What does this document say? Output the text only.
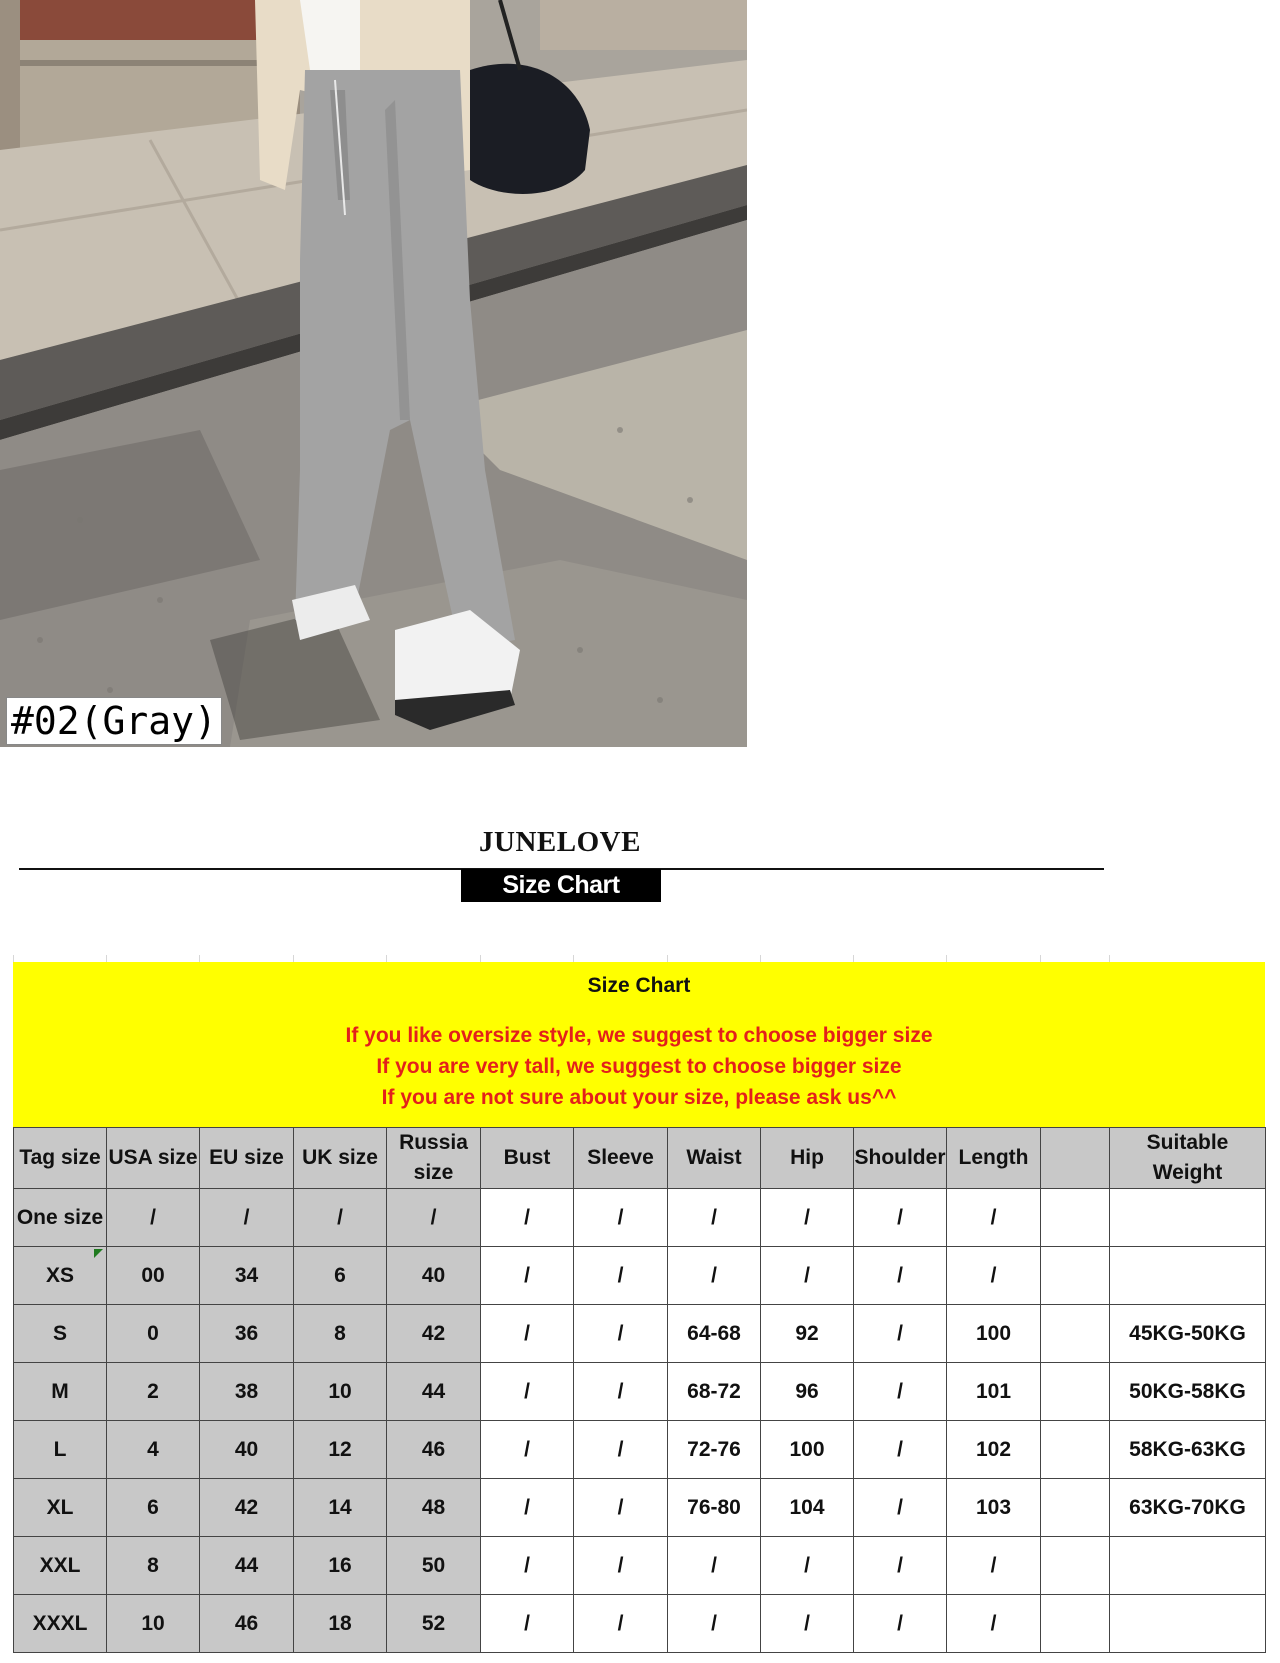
#02(Gray)
JUNELOVE
Size Chart
Size Chart
If you like oversize style, we suggest to choose bigger size
If you are very tall, we suggest to choose bigger size
If you are not sure about your size, please ask us^^
Tag size	USA size	EU size	UK size	Russia size	Bust	Sleeve	Waist	Hip	Shoulder	Length		Suitable Weight
One size	/	/	/	/	/	/	/	/	/	/		
XS	00	34	6	40	/	/	/	/	/	/		
S	0	36	8	42	/	/	64-68	92	/	100		45KG-50KG
M	2	38	10	44	/	/	68-72	96	/	101		50KG-58KG
L	4	40	12	46	/	/	72-76	100	/	102		58KG-63KG
XL	6	42	14	48	/	/	76-80	104	/	103		63KG-70KG
XXL	8	44	16	50	/	/	/	/	/	/		
XXXL	10	46	18	52	/	/	/	/	/	/		
